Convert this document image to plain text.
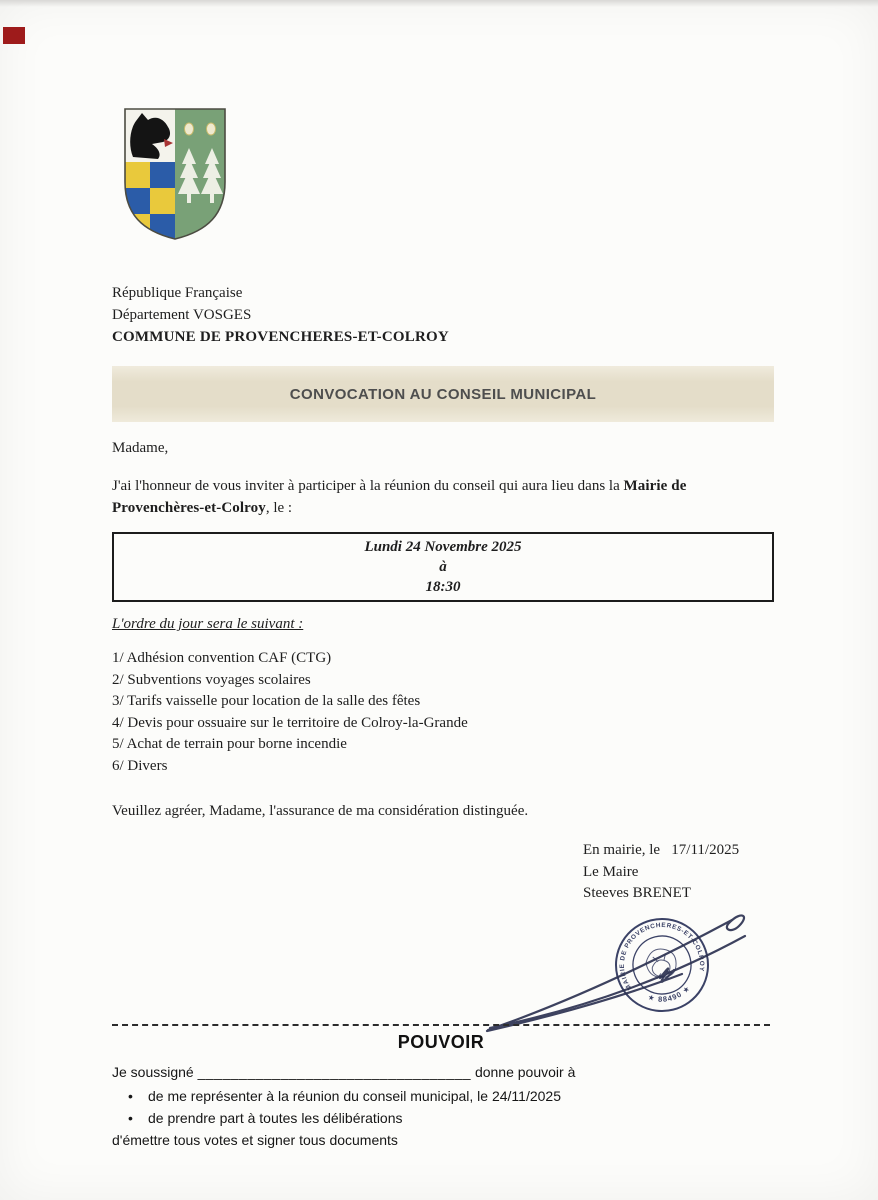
République Française
Département VOSGES
COMMUNE DE PROVENCHERES-ET-COLROY
CONVOCATION AU CONSEIL MUNICIPAL
Madame,
J'ai l'honneur de vous inviter à participer à la réunion du conseil qui aura lieu dans la Mairie de Provenchères-et-Colroy, le :
Lundi 24 Novembre 2025
à
18:30
L'ordre du jour sera le suivant :
1/ Adhésion convention CAF (CTG)
2/ Subventions voyages scolaires
3/ Tarifs vaisselle pour location de la salle des fêtes
4/ Devis pour ossuaire sur le territoire de Colroy-la-Grande
5/ Achat de terrain pour borne incendie
6/ Divers
Veuillez agréer, Madame, l'assurance de ma considération distinguée.
En mairie, le   17/11/2025
Le Maire
Steeves BRENET
MAIRIE DE PROVENCHERES-ET-COLROY
★ 88490 ★
POUVOIR
Je soussigné _________________________________ donne pouvoir à
• de me représenter à la réunion du conseil municipal, le 24/11/2025
• de prendre part à toutes les délibérations
d'émettre tous votes et signer tous documents
